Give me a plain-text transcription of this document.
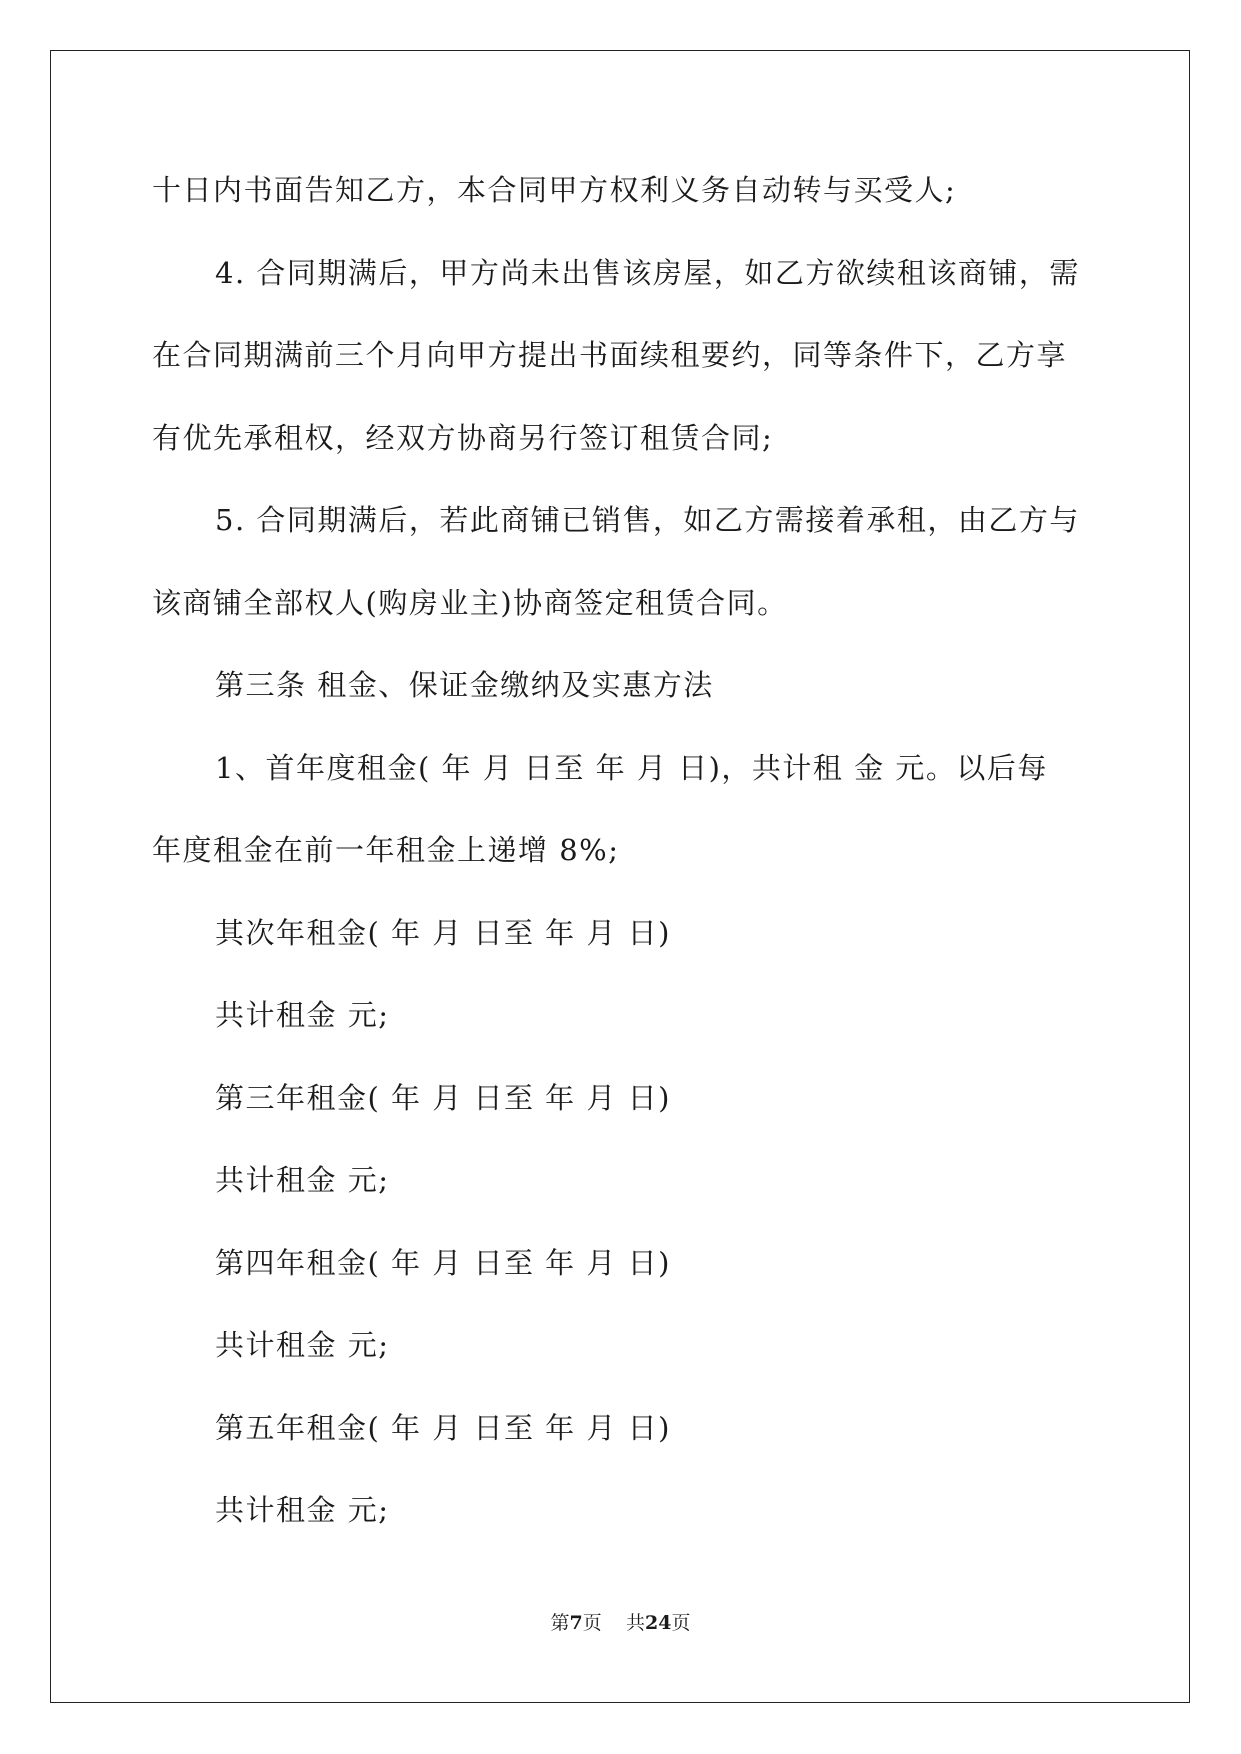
十日内书面告知乙方，本合同甲方权利义务自动转与买受人;
4. 合同期满后，甲方尚未出售该房屋，如乙方欲续租该商铺，需
在合同期满前三个月向甲方提出书面续租要约，同等条件下，乙方享
有优先承租权，经双方协商另行签订租赁合同;
5. 合同期满后，若此商铺已销售，如乙方需接着承租，由乙方与
该商铺全部权人(购房业主)协商签定租赁合同。
第三条 租金、保证金缴纳及实惠方法
1、首年度租金( 年 月 日至 年 月 日)，共计租 金 元。以后每
年度租金在前一年租金上递增 8%;
其次年租金( 年 月 日至 年 月 日)
共计租金 元;
第三年租金( 年 月 日至 年 月 日)
共计租金 元;
第四年租金( 年 月 日至 年 月 日)
共计租金 元;
第五年租金( 年 月 日至 年 月 日)
共计租金 元;
第7页 共24页
